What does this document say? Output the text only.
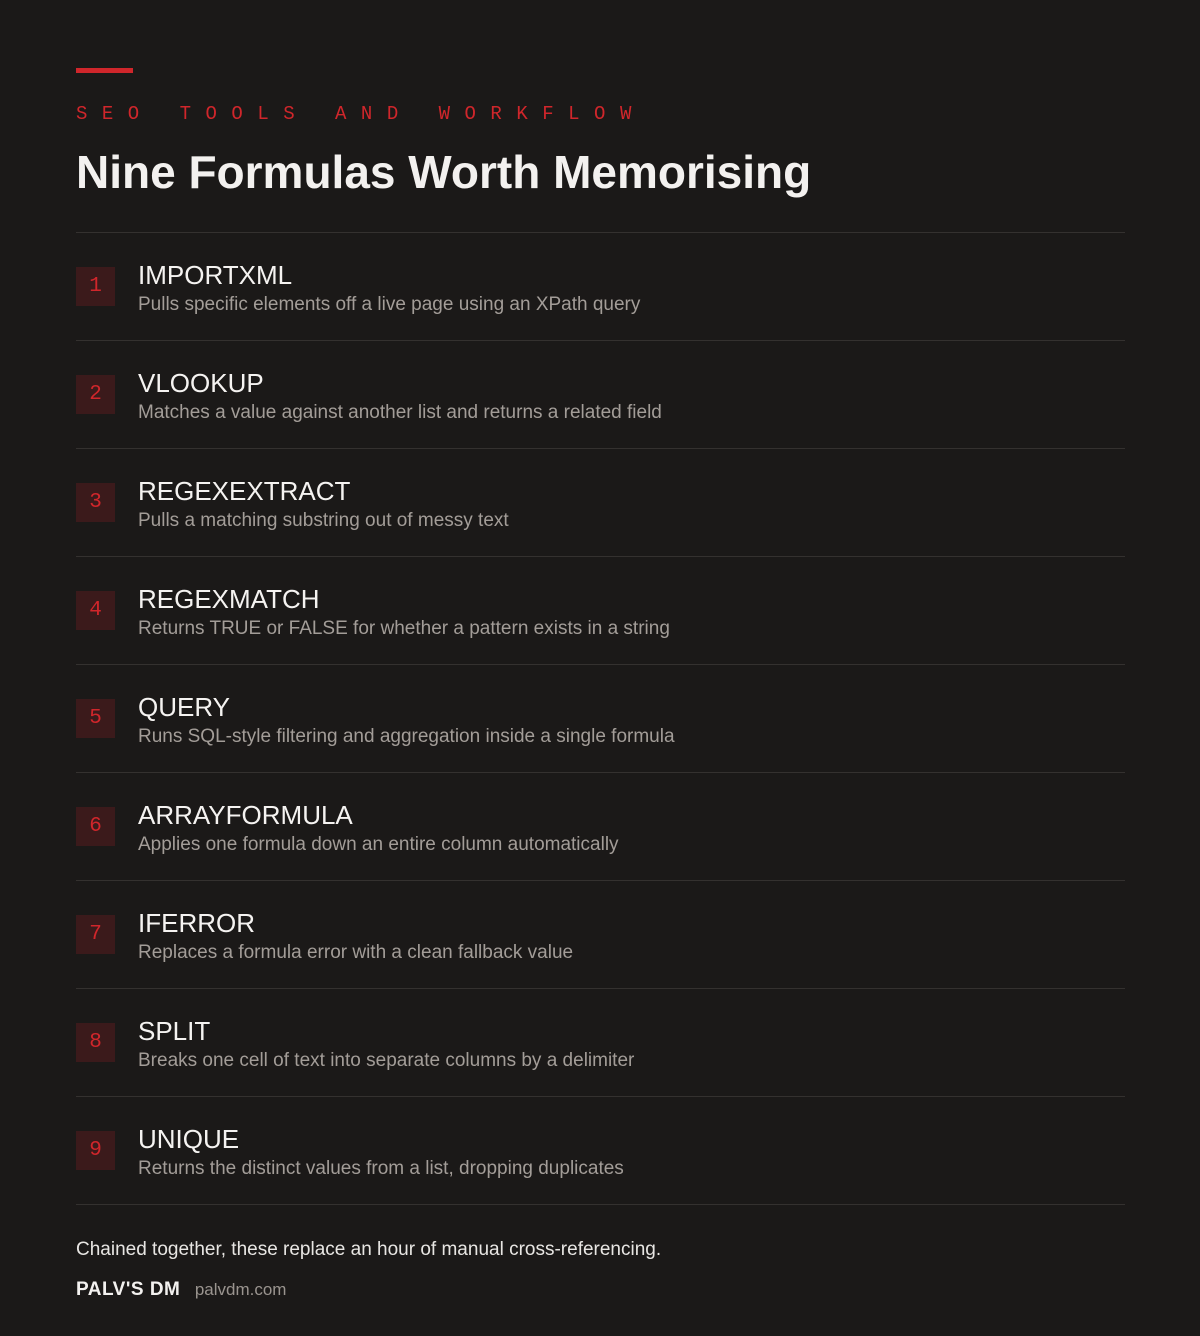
SEO TOOLS AND WORKFLOW
Nine Formulas Worth Memorising
1	IMPORTXML
Pulls specific elements off a live page using an XPath query
2	VLOOKUP
Matches a value against another list and returns a related field
3	REGEXEXTRACT
Pulls a matching substring out of messy text
4	REGEXMATCH
Returns TRUE or FALSE for whether a pattern exists in a string
5	QUERY
Runs SQL-style filtering and aggregation inside a single formula
6	ARRAYFORMULA
Applies one formula down an entire column automatically
7	IFERROR
Replaces a formula error with a clean fallback value
8	SPLIT
Breaks one cell of text into separate columns by a delimiter
9	UNIQUE
Returns the distinct values from a list, dropping duplicates
Chained together, these replace an hour of manual cross-referencing.
PALV'S DM palvdm.com
